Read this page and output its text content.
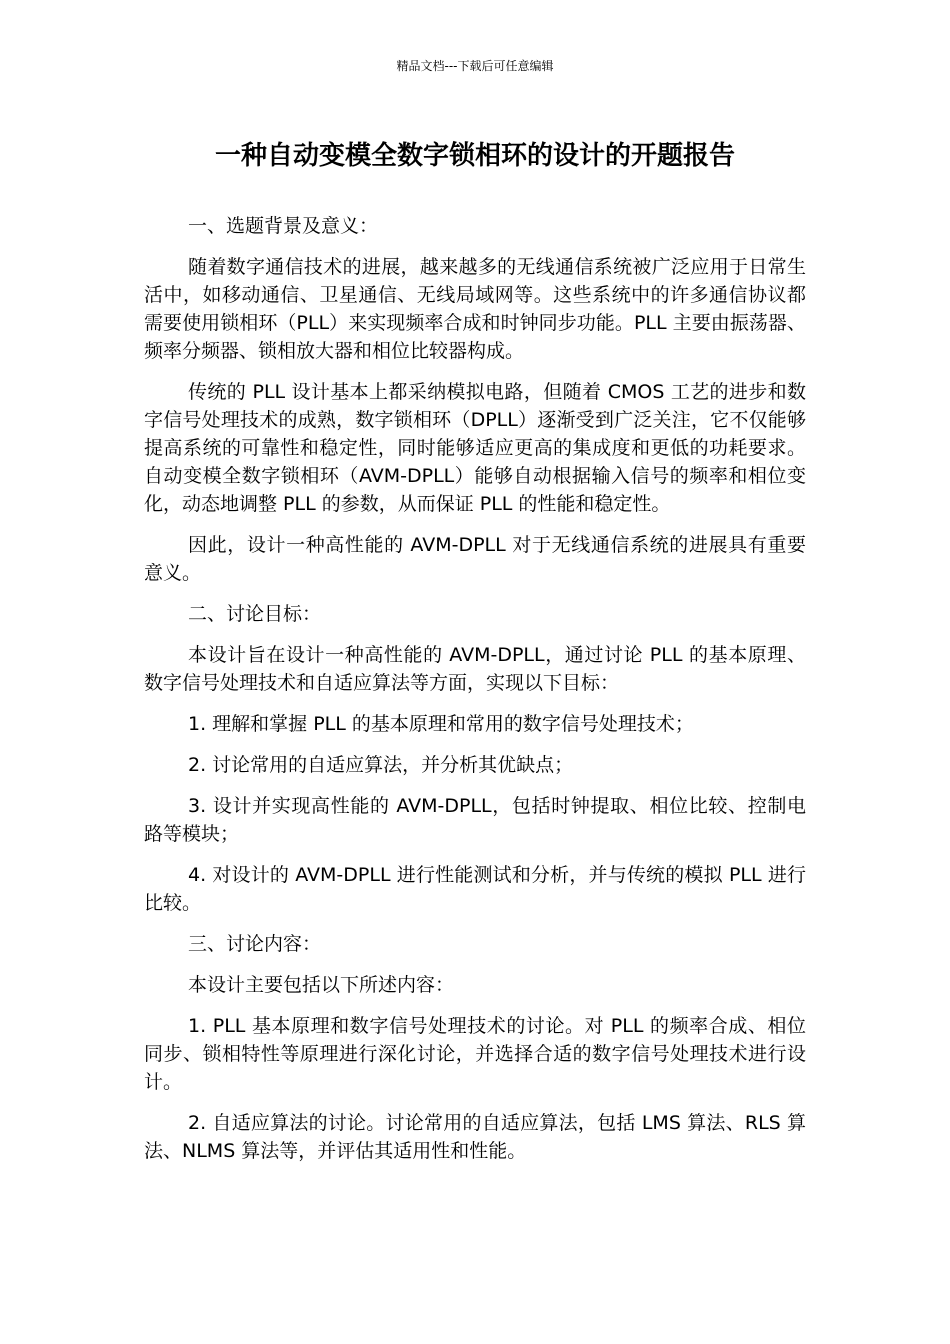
精品文档---下载后可任意编辑
一种自动变模全数字锁相环的设计的开题报告

一、选题背景及意义：

随着数字通信技术的进展，越来越多的无线通信系统被广泛应用于日常生活中，如移动通信、卫星通信、无线局域网等。这些系统中的许多通信协议都需要使用锁相环（PLL）来实现频率合成和时钟同步功能。PLL 主要由振荡器、频率分频器、锁相放大器和相位比较器构成。

传统的 PLL 设计基本上都采纳模拟电路，但随着 CMOS 工艺的进步和数字信号处理技术的成熟，数字锁相环（DPLL）逐渐受到广泛关注，它不仅能够提高系统的可靠性和稳定性，同时能够适应更高的集成度和更低的功耗要求。自动变模全数字锁相环（AVM-DPLL）能够自动根据输入信号的频率和相位变化，动态地调整 PLL 的参数，从而保证 PLL 的性能和稳定性。

因此，设计一种高性能的 AVM-DPLL 对于无线通信系统的进展具有重要意义。

二、讨论目标：

本设计旨在设计一种高性能的 AVM-DPLL，通过讨论 PLL 的基本原理、数字信号处理技术和自适应算法等方面，实现以下目标：

1. 理解和掌握 PLL 的基本原理和常用的数字信号处理技术；

2. 讨论常用的自适应算法，并分析其优缺点；

3. 设计并实现高性能的 AVM-DPLL，包括时钟提取、相位比较、控制电路等模块；

4. 对设计的 AVM-DPLL 进行性能测试和分析，并与传统的模拟 PLL 进行比较。

三、讨论内容：

本设计主要包括以下所述内容：

1. PLL 基本原理和数字信号处理技术的讨论。对 PLL 的频率合成、相位同步、锁相特性等原理进行深化讨论，并选择合适的数字信号处理技术进行设计。

2. 自适应算法的讨论。讨论常用的自适应算法，包括 LMS 算法、RLS 算法、NLMS 算法等，并评估其适用性和性能。
